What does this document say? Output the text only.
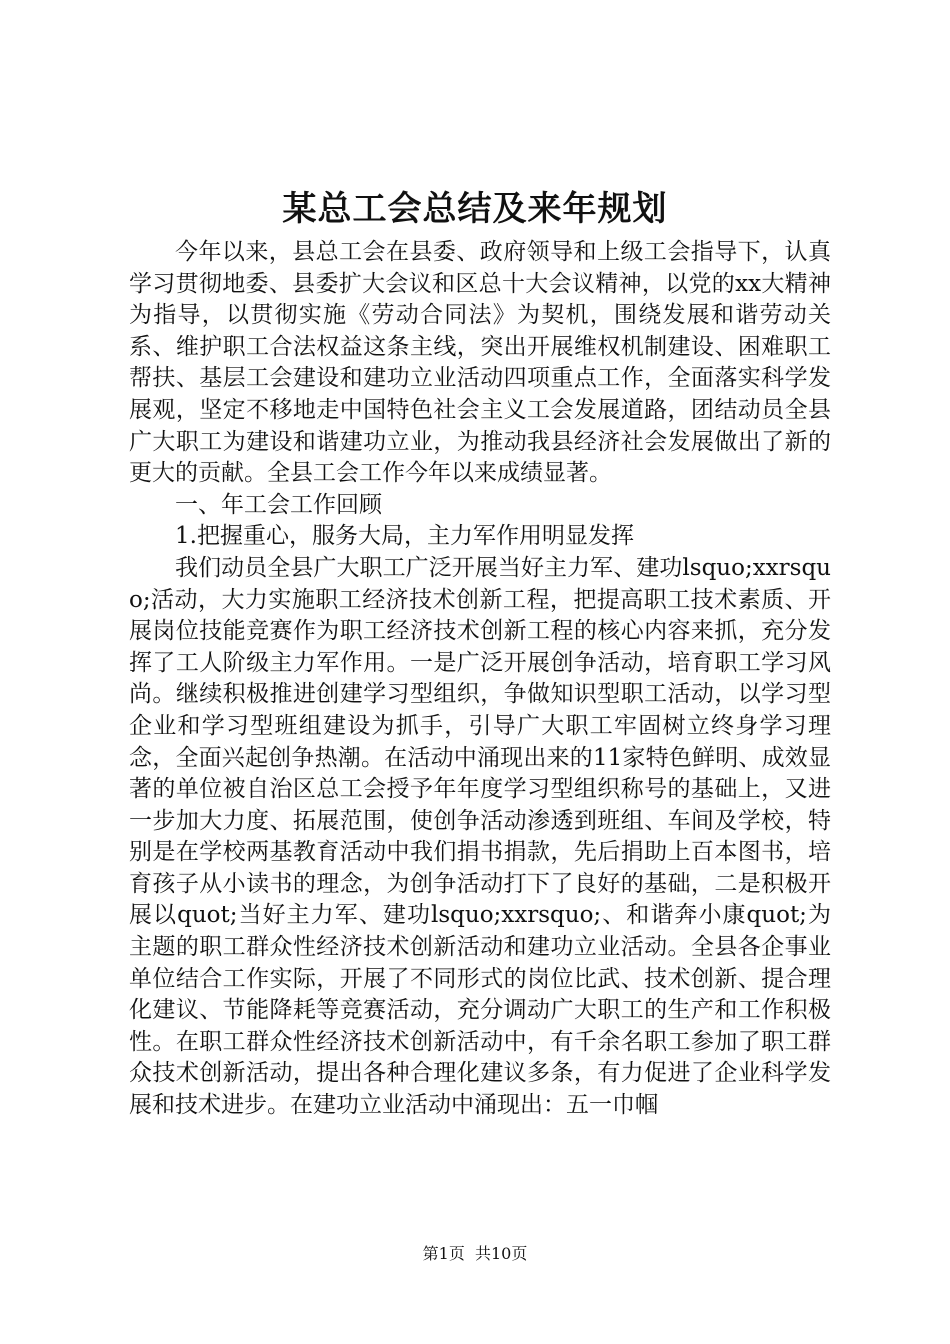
某总工会总结及来年规划

今年以来，县总工会在县委、政府领导和上级工会指导下，认真学习贯彻地委、县委扩大会议和区总十大会议精神，以党的xx大精神为指导，以贯彻实施《劳动合同法》为契机，围绕发展和谐劳动关系、维护职工合法权益这条主线，突出开展维权机制建设、困难职工帮扶、基层工会建设和建功立业活动四项重点工作，全面落实科学发展观，坚定不移地走中国特色社会主义工会发展道路，团结动员全县广大职工为建设和谐建功立业，为推动我县经济社会发展做出了新的更大的贡献。全县工会工作今年以来成绩显著。

一、年工会工作回顾

1.把握重心，服务大局，主力军作用明显发挥

我们动员全县广大职工广泛开展当好主力军、建功lsquo;xxrsquo;活动，大力实施职工经济技术创新工程，把提高职工技术素质、开展岗位技能竞赛作为职工经济技术创新工程的核心内容来抓，充分发挥了工人阶级主力军作用。一是广泛开展创争活动，培育职工学习风尚。继续积极推进创建学习型组织，争做知识型职工活动，以学习型企业和学习型班组建设为抓手，引导广大职工牢固树立终身学习理念，全面兴起创争热潮。在活动中涌现出来的11家特色鲜明、成效显著的单位被自治区总工会授予年年度学习型组织称号的基础上，又进一步加大力度、拓展范围，使创争活动渗透到班组、车间及学校，特别是在学校两基教育活动中我们捐书捐款，先后捐助上百本图书，培育孩子从小读书的理念，为创争活动打下了良好的基础，二是积极开展以quot;当好主力军、建功lsquo;xxrsquo;、和谐奔小康quot;为主题的职工群众性经济技术创新活动和建功立业活动。全县各企事业单位结合工作实际，开展了不同形式的岗位比武、技术创新、提合理化建议、节能降耗等竞赛活动，充分调动广大职工的生产和工作积极性。在职工群众性经济技术创新活动中，有千余名职工参加了职工群众技术创新活动，提出各种合理化建议多条，有力促进了企业科学发展和技术进步。在建功立业活动中涌现出：五一巾帼

第1页  共10页
